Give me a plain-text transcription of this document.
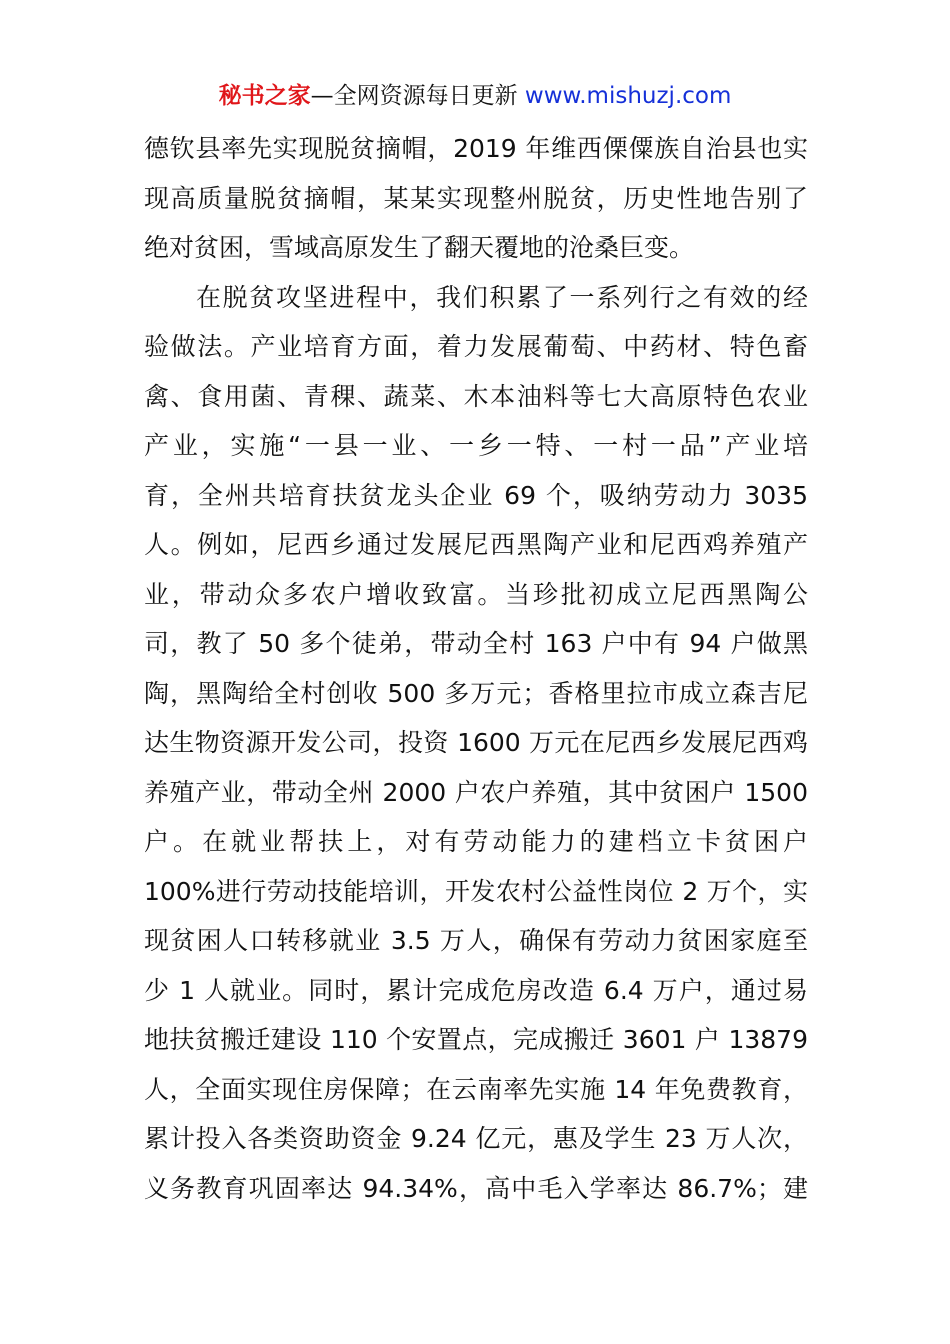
秘书之家—全网资源每日更新 www.mishuzj.com
德钦县率先实现脱贫摘帽，2019 年维西傈僳族自治县也实
现高质量脱贫摘帽，某某实现整州脱贫，历史性地告别了
绝对贫困，雪域高原发生了翻天覆地的沧桑巨变。
在脱贫攻坚进程中，我们积累了一系列行之有效的经
验做法。产业培育方面，着力发展葡萄、中药材、特色畜
禽、食用菌、青稞、蔬菜、木本油料等七大高原特色农业
产业，实施“一县一业、一乡一特、一村一品”产业培
育，全州共培育扶贫龙头企业 69 个，吸纳劳动力 3035
人。例如，尼西乡通过发展尼西黑陶产业和尼西鸡养殖产
业，带动众多农户增收致富。当珍批初成立尼西黑陶公
司，教了 50 多个徒弟，带动全村 163 户中有 94 户做黑
陶，黑陶给全村创收 500 多万元；香格里拉市成立森吉尼
达生物资源开发公司，投资 1600 万元在尼西乡发展尼西鸡
养殖产业，带动全州 2000 户农户养殖，其中贫困户 1500
户。在就业帮扶上，对有劳动能力的建档立卡贫困户
100%进行劳动技能培训，开发农村公益性岗位 2 万个，实
现贫困人口转移就业 3.5 万人，确保有劳动力贫困家庭至
少 1 人就业。同时，累计完成危房改造 6.4 万户，通过易
地扶贫搬迁建设 110 个安置点，完成搬迁 3601 户 13879
人，全面实现住房保障；在云南率先实施 14 年免费教育，
累计投入各类资助资金 9.24 亿元，惠及学生 23 万人次，
义务教育巩固率达 94.34%，高中毛入学率达 86.7%；建
